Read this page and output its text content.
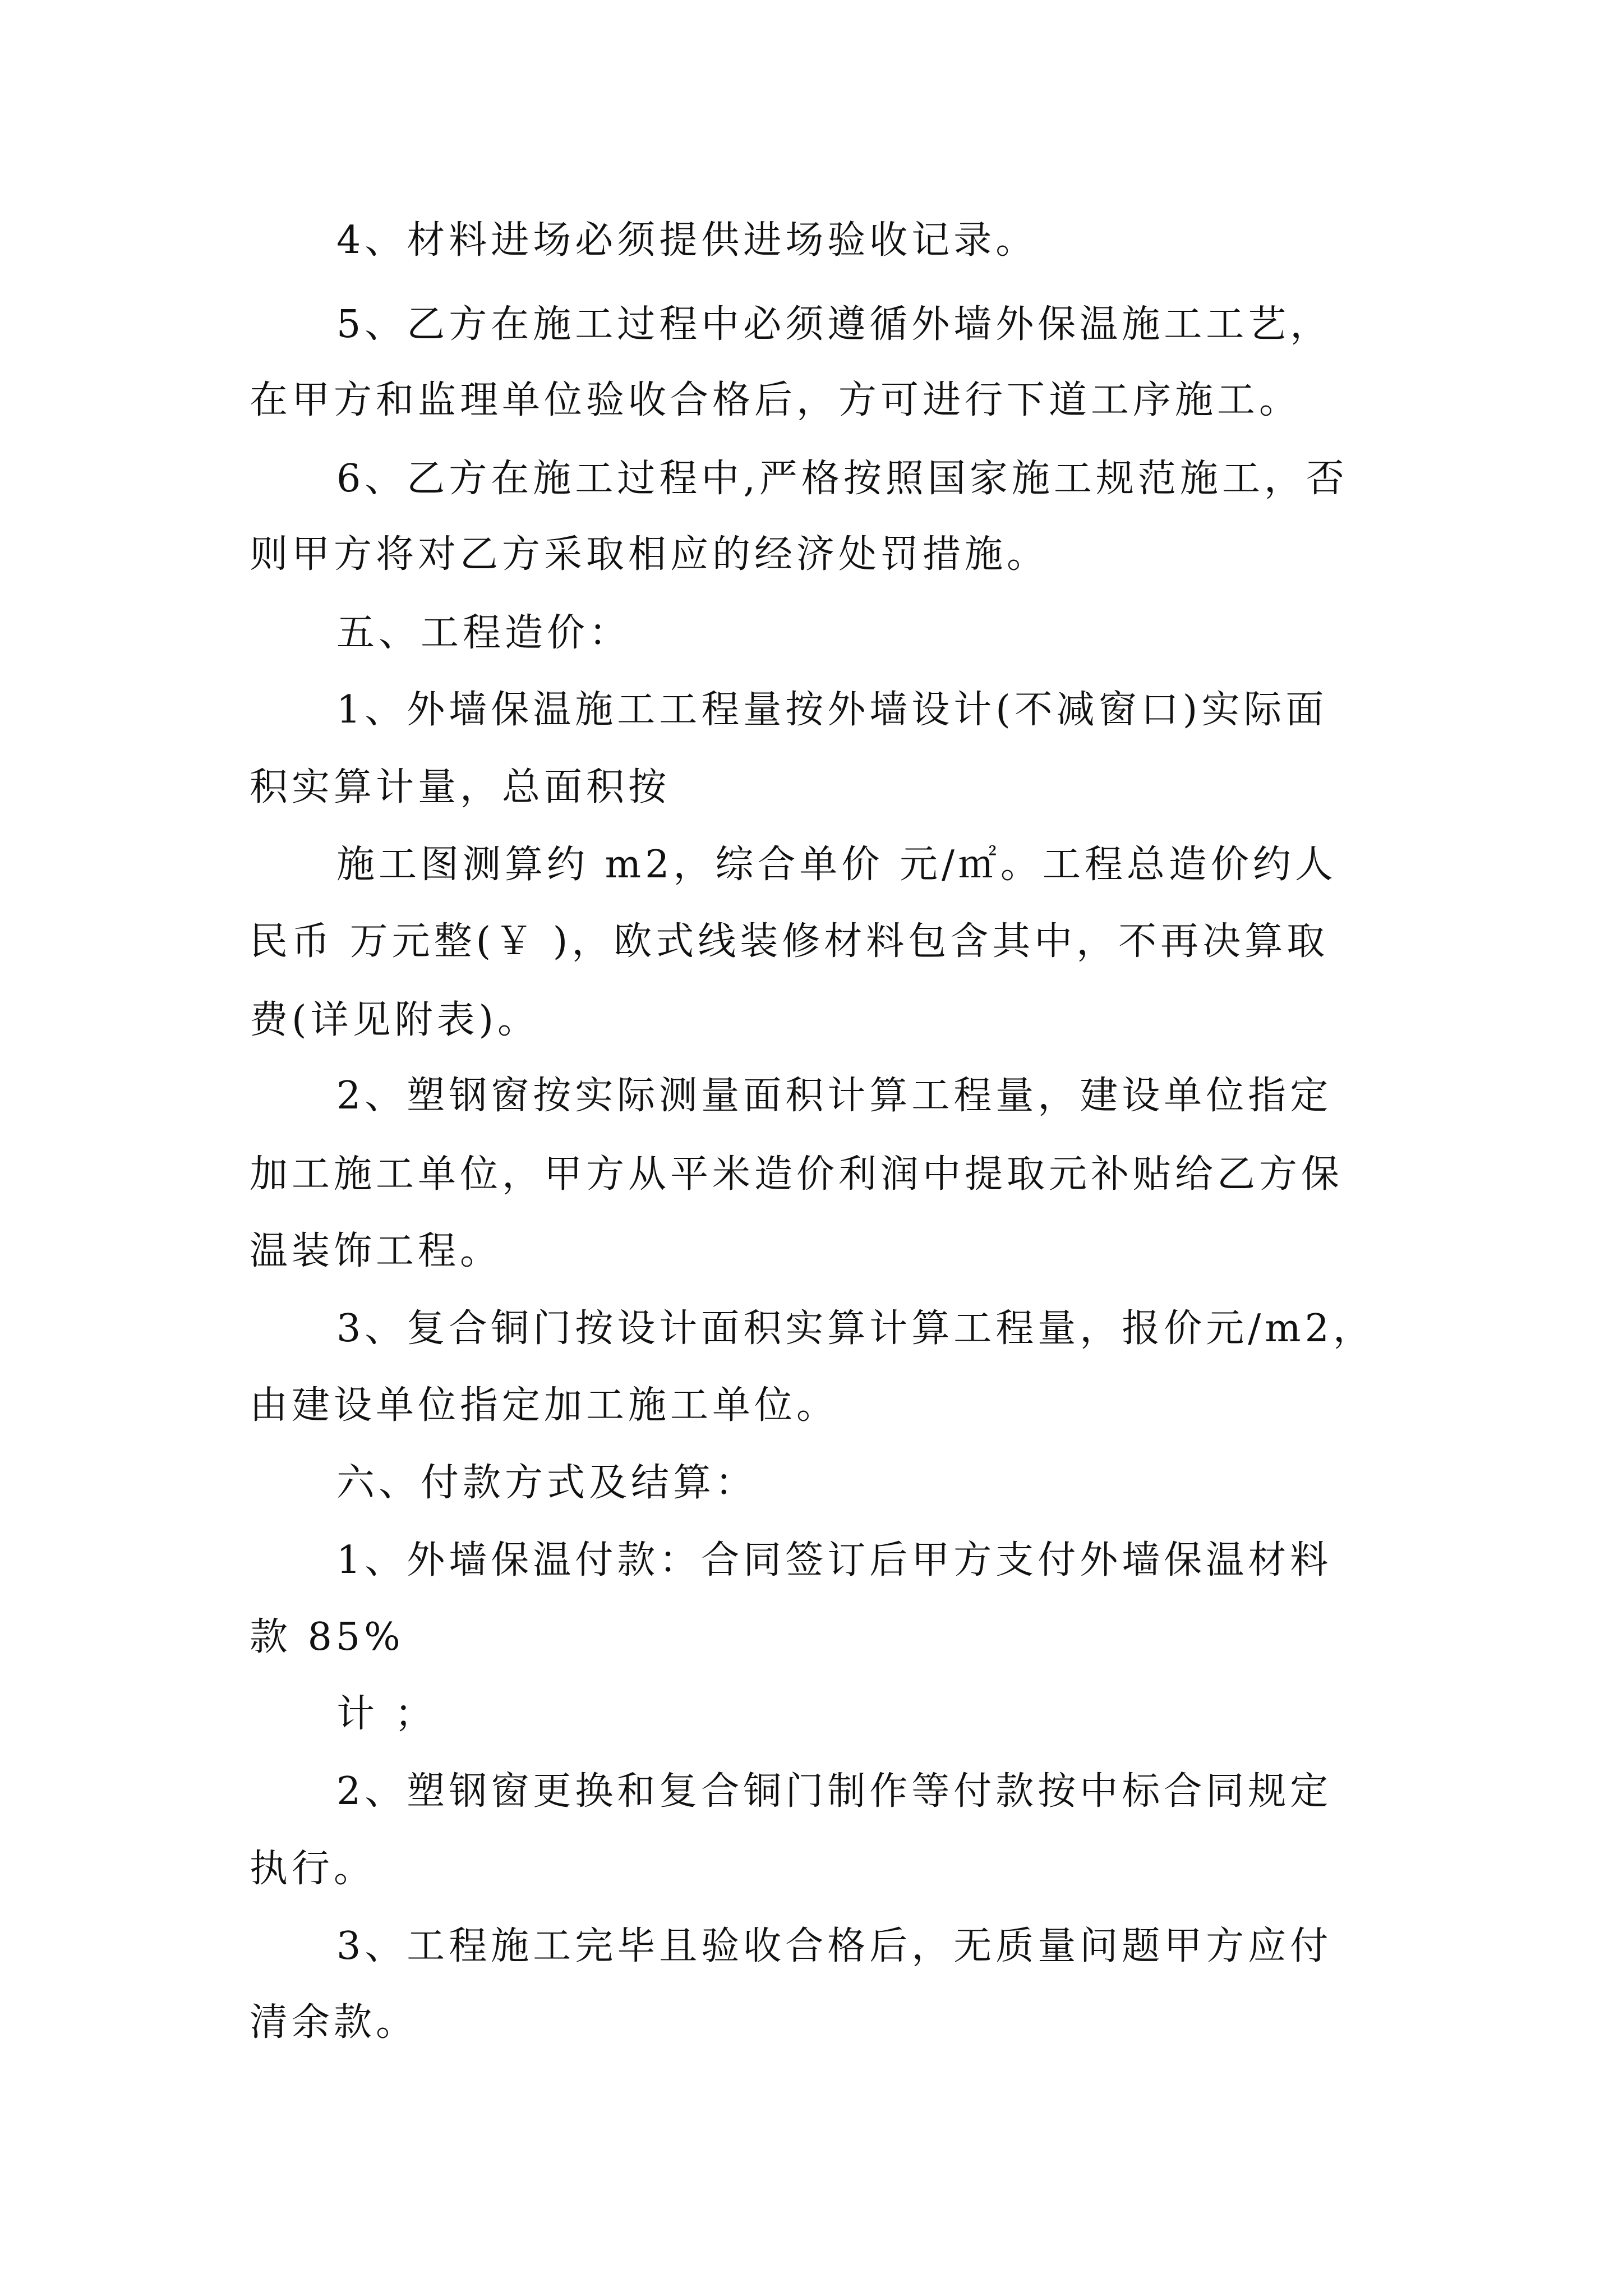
4、材料进场必须提供进场验收记录。
5、乙方在施工过程中必须遵循外墙外保温施工工艺，
在甲方和监理单位验收合格后，方可进行下道工序施工。
6、乙方在施工过程中,严格按照国家施工规范施工，否
则甲方将对乙方采取相应的经济处罚措施。
五、工程造价：
1、外墙保温施工工程量按外墙设计(不减窗口)实际面
积实算计量，总面积按
施工图测算约 m2，综合单价 元/㎡。工程总造价约人
民币 万元整(￥ )，欧式线装修材料包含其中，不再决算取
费(详见附表)。
2、塑钢窗按实际测量面积计算工程量，建设单位指定
加工施工单位，甲方从平米造价利润中提取元补贴给乙方保
温装饰工程。
3、复合铜门按设计面积实算计算工程量，报价元/m2，
由建设单位指定加工施工单位。
六、付款方式及结算：
1、外墙保温付款：合同签订后甲方支付外墙保温材料
款 85%
计 ；
2、塑钢窗更换和复合铜门制作等付款按中标合同规定
执行。
3、工程施工完毕且验收合格后，无质量问题甲方应付
清余款。
